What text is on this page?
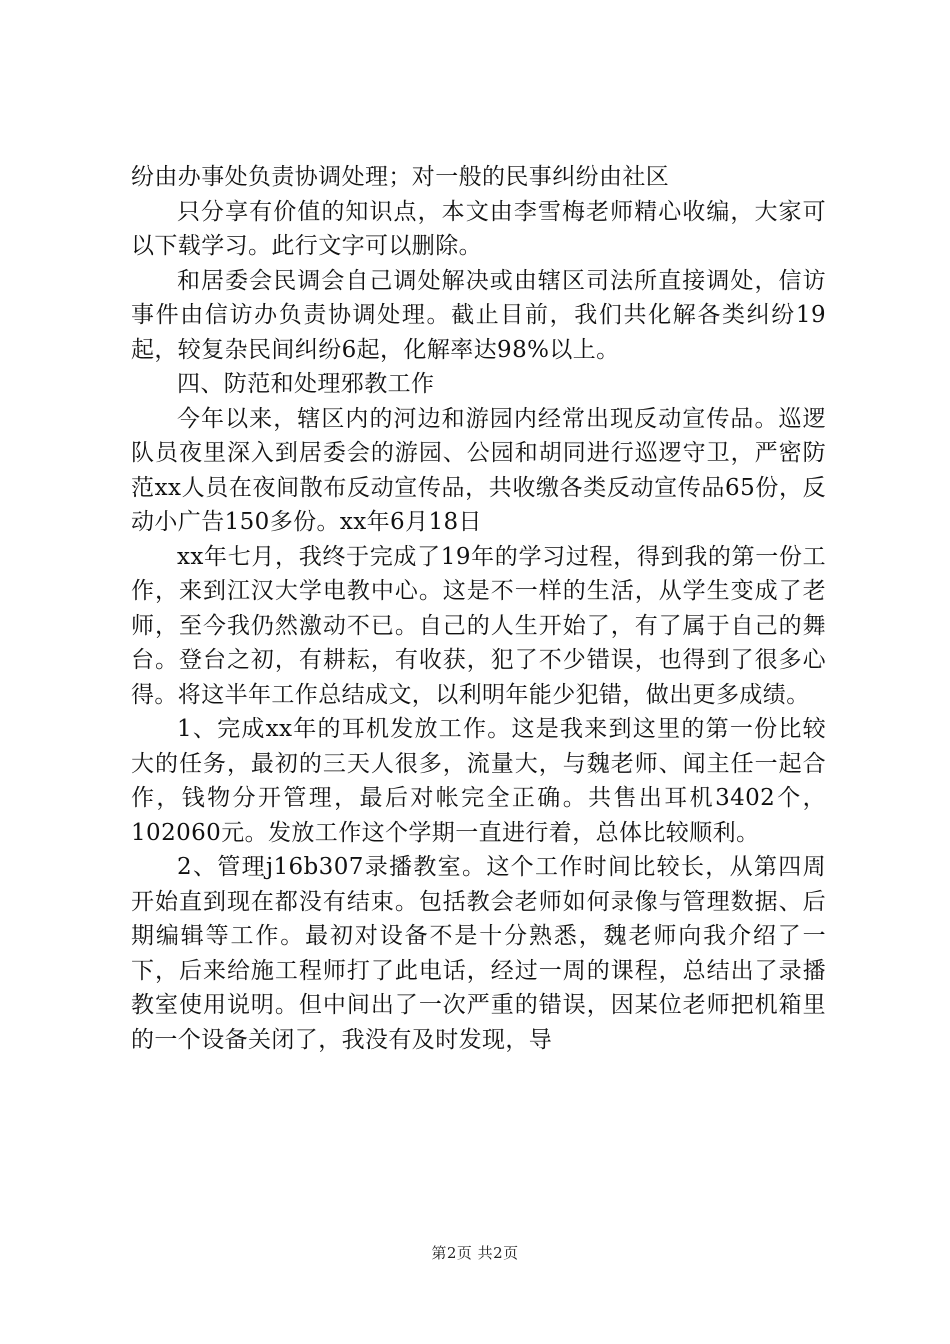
纷由办事处负责协调处理；对一般的民事纠纷由社区

只分享有价值的知识点，本文由李雪梅老师精心收编，大家可以下载学习。此行文字可以删除。

和居委会民调会自己调处解决或由辖区司法所直接调处，信访事件由信访办负责协调处理。截止目前，我们共化解各类纠纷19起，较复杂民间纠纷6起，化解率达98%以上。

四、防范和处理邪教工作

今年以来，辖区内的河边和游园内经常出现反动宣传品。巡逻队员夜里深入到居委会的游园、公园和胡同进行巡逻守卫，严密防范xx人员在夜间散布反动宣传品，共收缴各类反动宣传品65份，反动小广告150多份。xx年6月18日

xx年七月，我终于完成了19年的学习过程，得到我的第一份工作，来到江汉大学电教中心。这是不一样的生活，从学生变成了老师，至今我仍然激动不已。自己的人生开始了，有了属于自己的舞台。登台之初，有耕耘，有收获，犯了不少错误，也得到了很多心得。将这半年工作总结成文，以利明年能少犯错，做出更多成绩。

1、完成xx年的耳机发放工作。这是我来到这里的第一份比较大的任务，最初的三天人很多，流量大，与魏老师、闻主任一起合作，钱物分开管理，最后对帐完全正确。共售出耳机3402个，102060元。发放工作这个学期一直进行着，总体比较顺利。

2、管理j16b307录播教室。这个工作时间比较长，从第四周开始直到现在都没有结束。包括教会老师如何录像与管理数据、后期编辑等工作。最初对设备不是十分熟悉，魏老师向我介绍了一下，后来给施工程师打了此电话，经过一周的课程，总结出了录播教室使用说明。但中间出了一次严重的错误，因某位老师把机箱里的一个设备关闭了，我没有及时发现，导

第2页 共2页
